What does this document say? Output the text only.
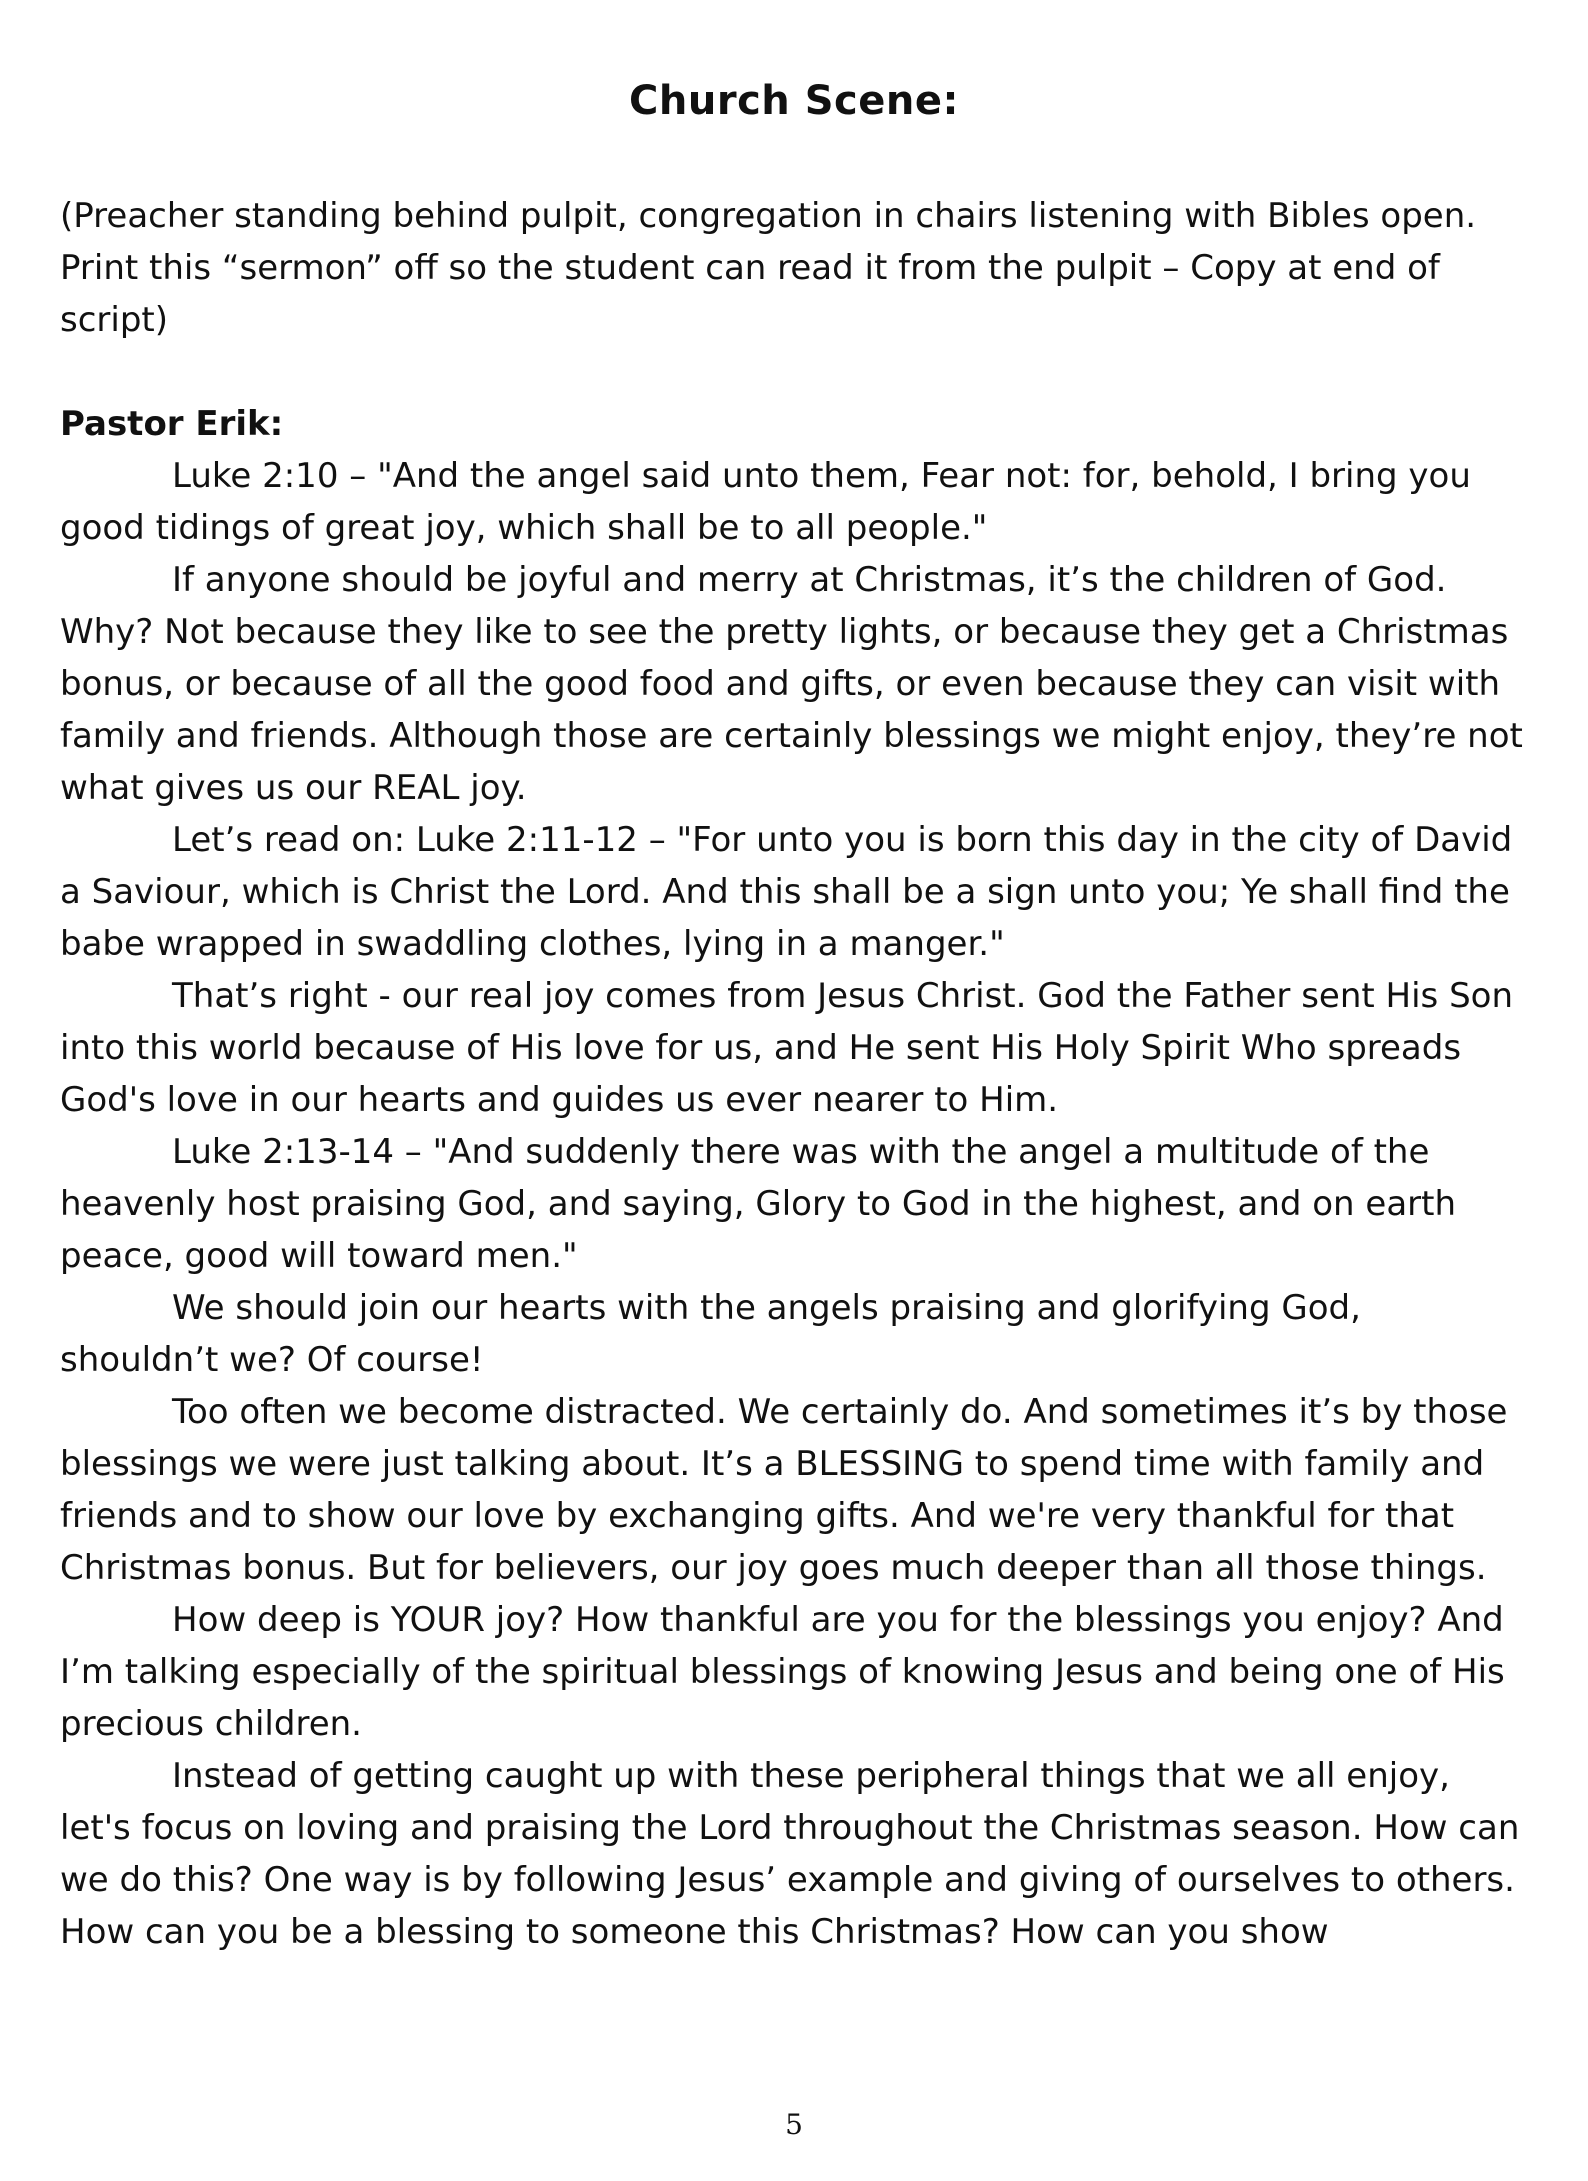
Church Scene:

(Preacher standing behind pulpit, congregation in chairs listening with Bibles open. Print this “sermon” off so the student can read it from the pulpit – Copy at end of script)

Pastor Erik:

Luke 2:10 – "And the angel said unto them, Fear not: for, behold, I bring you good tidings of great joy, which shall be to all people."

If anyone should be joyful and merry at Christmas, it’s the children of God. Why? Not because they like to see the pretty lights, or because they get a Christmas bonus, or because of all the good food and gifts, or even because they can visit with family and friends. Although those are certainly blessings we might enjoy, they’re not what gives us our REAL joy.

Let’s read on: Luke 2:11-12 – "For unto you is born this day in the city of David a Saviour, which is Christ the Lord. And this shall be a sign unto you; Ye shall find the babe wrapped in swaddling clothes, lying in a manger."

That’s right - our real joy comes from Jesus Christ. God the Father sent His Son into this world because of His love for us, and He sent His Holy Spirit Who spreads God's love in our hearts and guides us ever nearer to Him.

Luke 2:13-14 – "And suddenly there was with the angel a multitude of the heavenly host praising God, and saying, Glory to God in the highest, and on earth peace, good will toward men."

We should join our hearts with the angels praising and glorifying God, shouldn’t we? Of course!

Too often we become distracted. We certainly do. And sometimes it’s by those blessings we were just talking about. It’s a BLESSING to spend time with family and friends and to show our love by exchanging gifts. And we're very thankful for that Christmas bonus. But for believers, our joy goes much deeper than all those things.

How deep is YOUR joy? How thankful are you for the blessings you enjoy? And I’m talking especially of the spiritual blessings of knowing Jesus and being one of His precious children.

Instead of getting caught up with these peripheral things that we all enjoy, let's focus on loving and praising the Lord throughout the Christmas season. How can we do this? One way is by following Jesus’ example and giving of ourselves to others. How can you be a blessing to someone this Christmas? How can you show

5
